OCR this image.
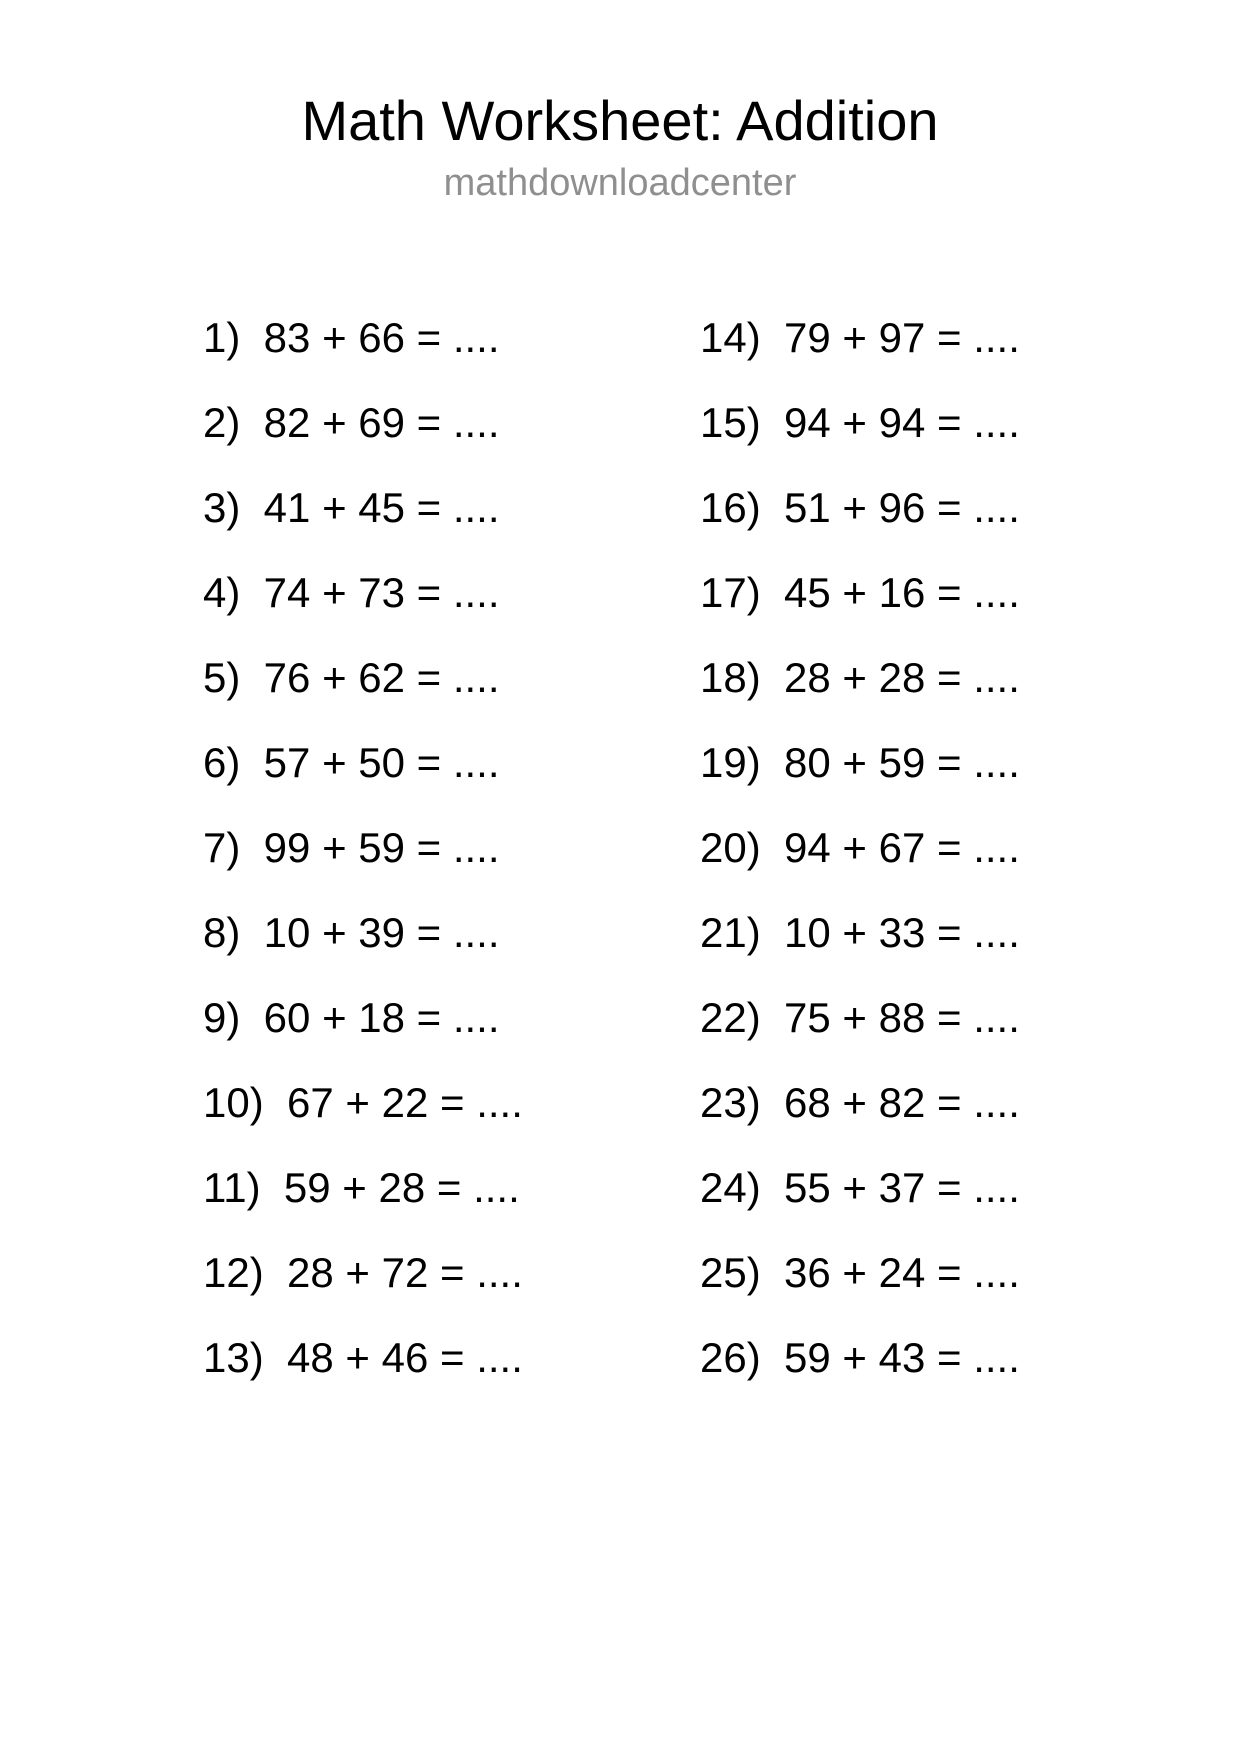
Math Worksheet: Addition
mathdownloadcenter
1)  83 + 66 = ....
2)  82 + 69 = ....
3)  41 + 45 = ....
4)  74 + 73 = ....
5)  76 + 62 = ....
6)  57 + 50 = ....
7)  99 + 59 = ....
8)  10 + 39 = ....
9)  60 + 18 = ....
10)  67 + 22 = ....
11)  59 + 28 = ....
12)  28 + 72 = ....
13)  48 + 46 = ....
14)  79 + 97 = ....
15)  94 + 94 = ....
16)  51 + 96 = ....
17)  45 + 16 = ....
18)  28 + 28 = ....
19)  80 + 59 = ....
20)  94 + 67 = ....
21)  10 + 33 = ....
22)  75 + 88 = ....
23)  68 + 82 = ....
24)  55 + 37 = ....
25)  36 + 24 = ....
26)  59 + 43 = ....
